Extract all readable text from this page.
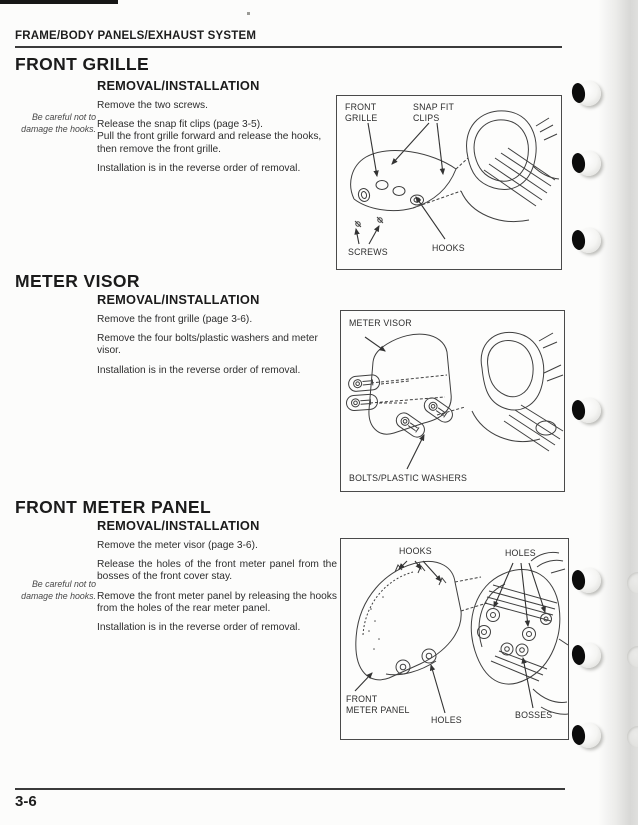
FRAME/BODY PANELS/EXHAUST SYSTEM
FRONT GRILLE
REMOVAL/INSTALLATION

Remove the two screws.

Release the snap fit clips (page 3-5).

Pull the front grille forward and release the hooks, then remove the front grille.

Installation is in the reverse order of removal.

Be careful not to
damage the hooks.
FRONT GRILLE
SNAP FIT CLIPS
SCREWS	HOOKS
METER VISOR
REMOVAL/INSTALLATION

Remove the front grille (page 3-6).

Remove the four bolts/plastic washers and meter visor.

Installation is in the reverse order of removal.

METER VISOR
BOLTS/PLASTIC WASHERS
FRONT METER PANEL
REMOVAL/INSTALLATION

Remove the meter visor (page 3-6).

Release the holes of the front meter panel from the bosses of the front cover stay.

Remove the front meter panel by releasing the hooks from the holes of the rear meter panel.

Installation is in the reverse order of removal.

Be careful not to
damage the hooks.
HOOKS	HOLES
FRONT METER PANEL
HOLES	BOSSES
3-6
